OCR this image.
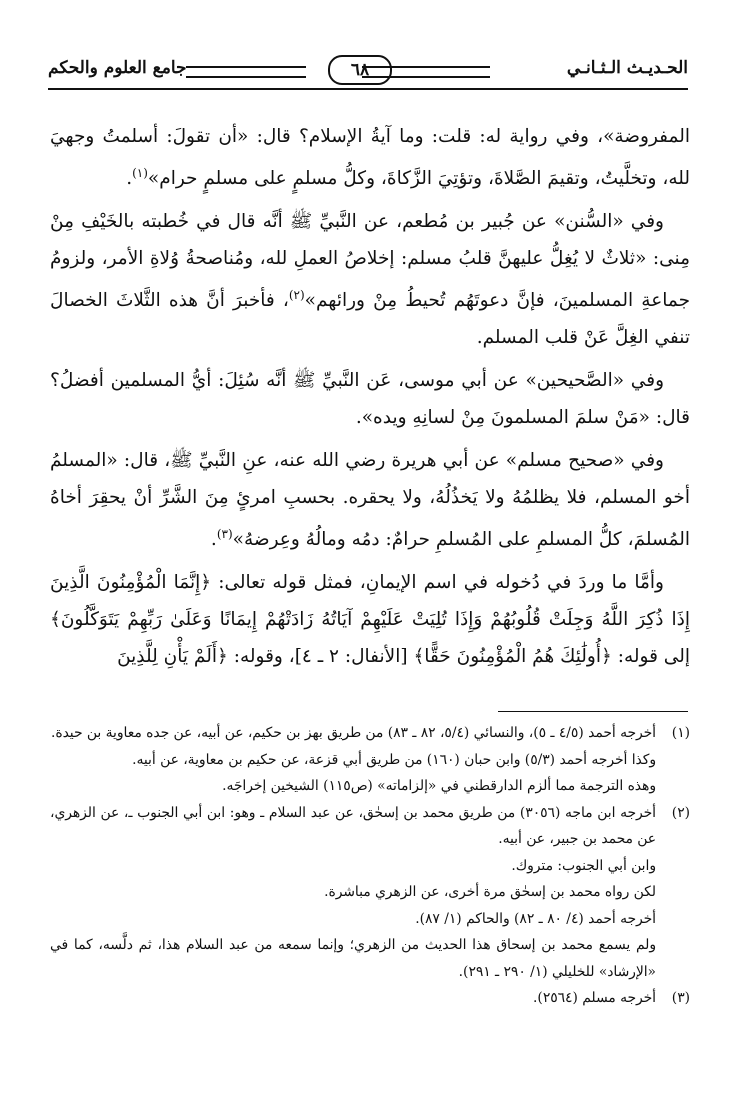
الحـديـث الـثـانـي
٦٨
جامع العلوم والحكم

المفروضة»، وفي رواية له: قلت: وما آيةُ الإسلام؟ قال: «أن تقولَ: أسلمتُ وجهيَ لله، وتخلَّيتُ، وتقيمَ الصَّلاةَ، وتؤتِيَ الزَّكاةَ، وكلُّ مسلمٍ على مسلمٍ حرام»$^{(١)}$.

وفي «السُّنن» عن جُبير بن مُطعم، عن النَّبيِّ ﷺ أنَّه قال في خُطبته بالخَيْفِ مِنْ مِنى: «ثلاثٌ لا يُغِلُّ عليهنَّ قلبُ مسلم: إخلاصُ العملِ لله، ومُناصحةُ وُلاةِ الأمر، ولزومُ جماعةِ المسلمينَ، فإنَّ دعوتَهُم تُحيطُ مِنْ ورائهم»$^{(٢)}$، فأخبرَ أنَّ هذه الثَّلاثَ الخصالَ تنفي الغِلَّ عَنْ قلب المسلم.

وفي «الصَّحيحين» عن أبي موسى، عَن النَّبيِّ ﷺ أنَّه سُئِلَ: أيُّ المسلمين أفضلُ؟ قال: «مَنْ سلمَ المسلمونَ مِنْ لسانِهِ ويده».

وفي «صحيح مسلم» عن أبي هريرة رضي الله عنه، عنِ النَّبيِّ ﷺ، قال: «المسلمُ أخو المسلم، فلا يظلمُهُ ولا يَخذُلُهُ، ولا يحقره. بحسبِ امرئٍ مِنَ الشَّرِّ أنْ يحقِرَ أخاهُ المُسلمَ، كلُّ المسلمِ على المُسلمِ حرامٌ: دمُه ومالُهُ وعِرضهُ»$^{(٣)}$.

وأمَّا ما وردَ في دُخوله في اسم الإيمانِ، فمثل قوله تعالى: ﴿إِنَّمَا الْمُؤْمِنُونَ الَّذِينَ إِذَا ذُكِرَ اللَّهُ وَجِلَتْ قُلُوبُهُمْ وَإِذَا تُلِيَتْ عَلَيْهِمْ آيَاتُهُ زَادَتْهُمْ إِيمَانًا وَعَلَىٰ رَبِّهِمْ يَتَوَكَّلُونَ﴾ إلى قوله: ﴿أُولَٰئِكَ هُمُ الْمُؤْمِنُونَ حَقًّا﴾ [الأنفال: ٢ ـ ٤]، وقوله: ﴿أَلَمْ يَأْنِ لِلَّذِينَ

(١)
أخرجه أحمد (٤/٥ ـ ٥)، والنسائي (٥/٤، ٨٢ ـ ٨٣) من طريق بهز بن حكيم، عن أبيه، عن جده معاوية بن حيدة.
وكذا أخرجه أحمد (٥/٣) وابن حبان (١٦٠) من طريق أبي قزعة، عن حكيم بن معاوية، عن أبيه.
وهذه الترجمة مما ألزم الدارقطني في «إلزاماته» (ص١١٥) الشيخين إخراجَه.
(٢)
أخرجه ابن ماجه (٣٠٥٦) من طريق محمد بن إسحٰق، عن عبد السلام ـ وهو: ابن أبي الجنوب ـ، عن الزهري، عن محمد بن جبير، عن أبيه.
وابن أبي الجنوب: متروك.
لكن رواه محمد بن إسحٰق مرة أخرى، عن الزهري مباشرة.
أخرجه أحمد (٤/ ٨٠ ـ ٨٢) والحاكم (١/ ٨٧).
ولم يسمع محمد بن إسحاق هذا الحديث من الزهري؛ وإنما سمعه من عبد السلام هذا، ثم دلَّسه، كما في «الإرشاد» للخليلي (١/ ٢٩٠ ـ ٢٩١).
(٣)
أخرجه مسلم (٢٥٦٤).
